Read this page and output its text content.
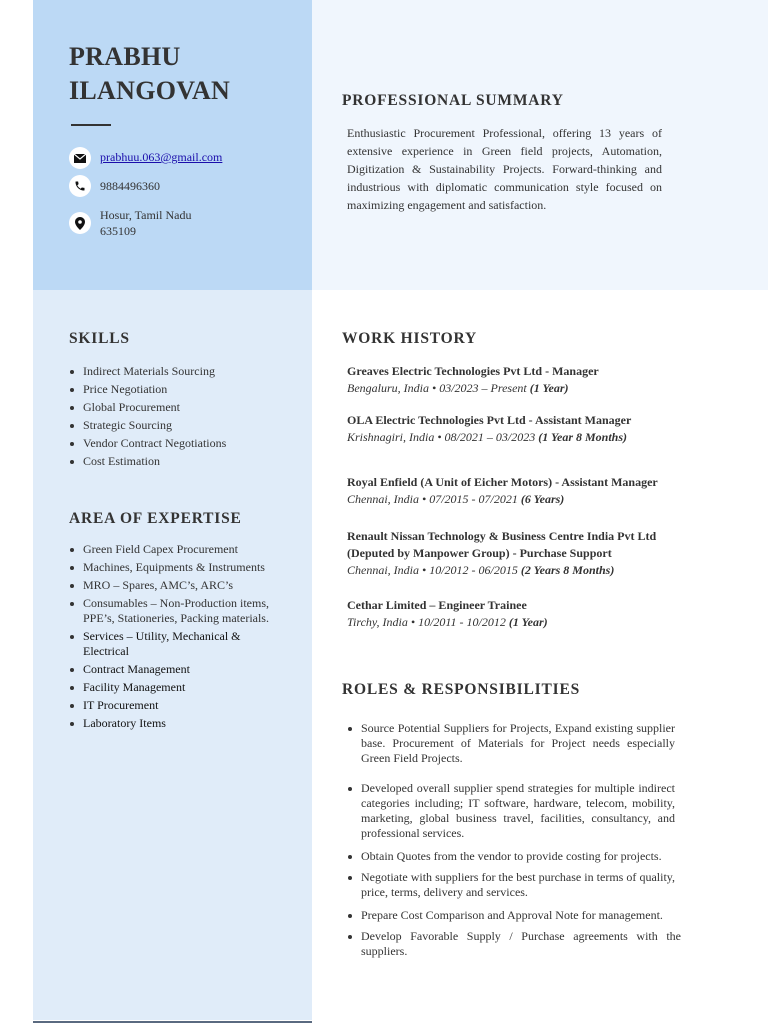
PRABHU
ILANGOVAN
prabhuu.063@gmail.com
9884496360
Hosur, Tamil Nadu
635109
PROFESSIONAL SUMMARY
Enthusiastic Procurement Professional, offering 13 years of extensive experience in Green field projects, Automation, Digitization & Sustainability Projects. Forward-thinking and industrious with diplomatic communication style focused on maximizing engagement and satisfaction.
SKILLS
Indirect Materials Sourcing
Price Negotiation
Global Procurement
Strategic Sourcing
Vendor Contract Negotiations
Cost Estimation
AREA OF EXPERTISE
Green Field Capex Procurement
Machines, Equipments & Instruments
MRO – Spares, AMC’s, ARC’s
Consumables – Non-Production items, PPE’s, Stationeries, Packing materials.
Services – Utility, Mechanical & Electrical
Contract Management
Facility Management
IT Procurement
Laboratory Items
WORK HISTORY
Greaves Electric Technologies Pvt Ltd - Manager
Bengaluru, India • 03/2023 – Present (1 Year)
OLA Electric Technologies Pvt Ltd - Assistant Manager
Krishnagiri, India • 08/2021 – 03/2023 (1 Year 8 Months)
Royal Enfield (A Unit of Eicher Motors) - Assistant Manager
Chennai, India • 07/2015 - 07/2021 (6 Years)
Renault Nissan Technology & Business Centre India Pvt Ltd (Deputed by Manpower Group) - Purchase Support
Chennai, India • 10/2012 - 06/2015 (2 Years 8 Months)
Cethar Limited – Engineer Trainee
Tirchy, India • 10/2011 - 10/2012 (1 Year)
ROLES & RESPONSIBILITIES
Source Potential Suppliers for Projects, Expand existing supplier base. Procurement of Materials for Project needs especially Green Field Projects.
Developed overall supplier spend strategies for multiple indirect categories including; IT software, hardware, telecom, mobility, marketing, global business travel, facilities, consultancy, and professional services.
Obtain Quotes from the vendor to provide costing for projects.
Negotiate with suppliers for the best purchase in terms of quality, price, terms, delivery and services.
Prepare Cost Comparison and Approval Note for management.
Develop Favorable Supply / Purchase agreements with the suppliers.
